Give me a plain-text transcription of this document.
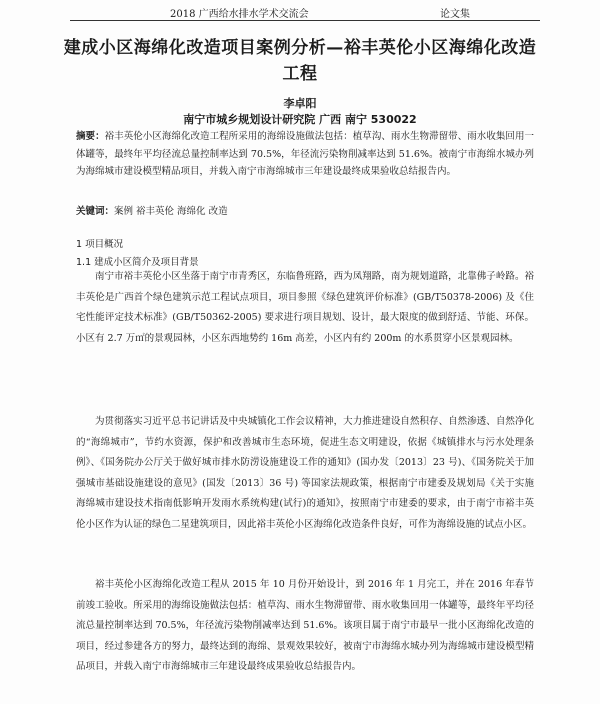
2018 广西给水排水学术交流会	论文集
建成小区海绵化改造项目案例分析—裕丰英伦小区海绵化改造工程
李卓阳
南宁市城乡规划设计研究院 广西 南宁 530022
摘要：裕丰英伦小区海绵化改造工程所采用的海绵设施做法包括：植草沟、雨水生物滞留带、雨水收集回用一体罐等，最终年平均径流总量控制率达到 70.5%，年径流污染物削减率达到 51.6%。被南宁市海绵水城办列为海绵城市建设模型精品项目，并载入南宁市海绵城市三年建设最终成果验收总结报告内。
关键词：案例 裕丰英伦 海绵化 改造
1 项目概况
1.1 建成小区简介及项目背景
南宁市裕丰英伦小区坐落于南宁市青秀区，东临鲁班路，西为凤翔路，南为规划道路，北靠佛子岭路。裕丰英伦是广西首个绿色建筑示范工程试点项目，项目参照《绿色建筑评价标准》(GB/T50378-2006) 及《住宅性能评定技术标准》(GB/T50362-2005) 要求进行项目规划、设计，最大限度的做到舒适、节能、环保。小区有 2.7 万㎡的景观园林，小区东西地势约 16m 高差，小区内有约 200m 的水系贯穿小区景观园林。
为贯彻落实习近平总书记讲话及中央城镇化工作会议精神，大力推进建设自然积存、自然渗透、自然净化的“海绵城市”，节约水资源，保护和改善城市生态环境，促进生态文明建设，依据《城镇排水与污水处理条例》、《国务院办公厅关于做好城市排水防涝设施建设工作的通知》(国办发〔2013〕23 号)、《国务院关于加强城市基础设施建设的意见》(国发〔2013〕36 号) 等国家法规政策，根据南宁市建委及规划局《关于实施海绵城市建设技术指南低影响开发雨水系统构建(试行)的通知》，按照南宁市建委的要求，由于南宁市裕丰英伦小区作为认证的绿色二星建筑项目，因此裕丰英伦小区海绵化改造条件良好，可作为海绵设施的试点小区。
裕丰英伦小区海绵化改造工程从 2015 年 10 月份开始设计，到 2016 年 1 月完工，并在 2016 年春节前竣工验收。所采用的海绵设施做法包括：植草沟、雨水生物滞留带、雨水收集回用一体罐等，最终年平均径流总量控制率达到 70.5%，年径流污染物削减率达到 51.6%。该项目属于南宁市最早一批小区海绵化改造的项目，经过参建各方的努力，最终达到的海绵、景观效果较好，被南宁市海绵水城办列为海绵城市建设模型精品项目，并载入南宁市海绵城市三年建设最终成果验收总结报告内。
